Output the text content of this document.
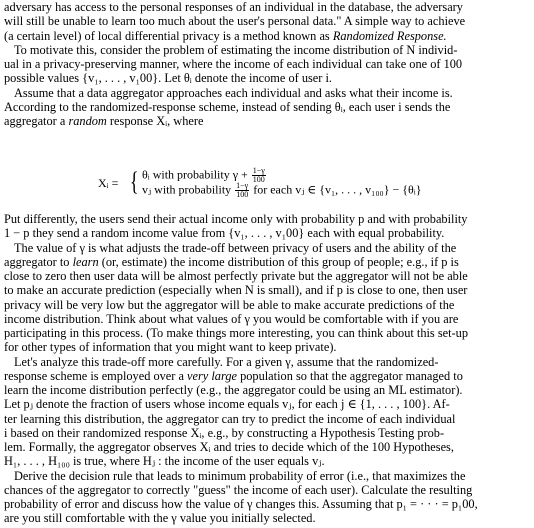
adversary has access to the personal responses of an individual in the database, the adversary

will still be unable to learn too much about the user's personal data." A simple way to achieve

(a certain level) of local differential privacy is a method known as Randomized Response.

To motivate this, consider the problem of estimating the income distribution of N individ-

ual in a privacy-preserving manner, where the income of each individual can take one of 100

possible values {v₁, . . . , v₁00}. Let θᵢ denote the income of user i.

Assume that a data aggregator approaches each individual and asks what their income is.

According to the randomized-response scheme, instead of sending θᵢ, each user i sends the

aggregator a random response Xᵢ, where

Xᵢ = { θᵢ with probability $\gamma + \frac{1-\gamma}{100}$
vⱼ with probability $\frac{1-\gamma}{100}$ for each vⱼ ∈ {v₁, . . . , v₁₀₀} − {θᵢ}

Put differently, the users send their actual income only with probability p and with probability

1 − p they send a random income value from {v₁, . . . , v₁00} each with equal probability.

The value of γ is what adjusts the trade-off between privacy of users and the ability of the

aggregator to learn (or, estimate) the income distribution of this group of people; e.g., if p is

close to zero then user data will be almost perfectly private but the aggregator will not be able

to make an accurate prediction (especially when N is small), and if p is close to one, then user

privacy will be very low but the aggregator will be able to make accurate predictions of the

income distribution. Think about what values of γ you would be comfortable with if you are

participating in this process. (To make things more interesting, you can think about this set-up

for other types of information that you might want to keep private).

Let's analyze this trade-off more carefully. For a given γ, assume that the randomized-

response scheme is employed over a very large population so that the aggregator managed to

learn the income distribution perfectly (e.g., the aggregator could be using an ML estimator).

Let pⱼ denote the fraction of users whose income equals vⱼ, for each j ∈ {1, . . . , 100}. Af-

ter learning this distribution, the aggregator can try to predict the income of each individual

i based on their randomized response Xᵢ, e.g., by constructing a Hypothesis Testing prob-

lem. Formally, the aggregator observes Xᵢ and tries to decide which of the 100 Hypotheses,

H₁, . . . , H₁₀₀ is true, where Hⱼ : the income of the user equals vⱼ.

Derive the decision rule that leads to minimum probability of error (i.e., that maximizes the

chances of the aggregator to correctly "guess" the income of each user). Calculate the resulting

probability of error and discuss how the value of γ changes this. Assuming that p₁ = · · · = p₁00,

are you still comfortable with the γ value you initially selected.
